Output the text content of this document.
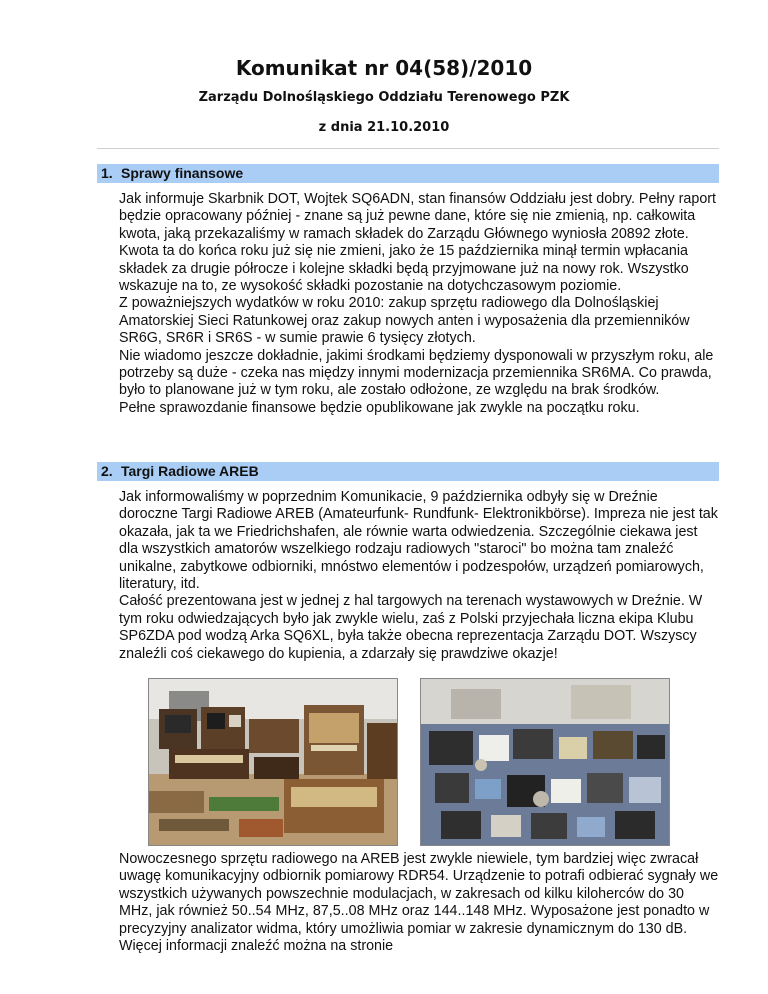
Komunikat nr 04(58)/2010
Zarządu Dolnośląskiego Oddziału Terenowego PZK
z dnia 21.10.2010
1. Sprawy finansowe

Jak informuje Skarbnik DOT, Wojtek SQ6ADN, stan finansów Oddziału jest dobry. Pełny raport będzie opracowany później - znane są już pewne dane, które się nie zmienią, np. całkowita kwota, jaką przekazaliśmy w ramach składek do Zarządu Głównego wyniosła 20892 złote. Kwota ta do końca roku już się nie zmieni, jako że 15 października minął termin wpłacania składek za drugie półrocze i kolejne składki będą przyjmowane już na nowy rok. Wszystko wskazuje na to, ze wysokość składki pozostanie na dotychczasowym poziomie.

Z poważniejszych wydatków w roku 2010: zakup sprzętu radiowego dla Dolnośląskiej Amatorskiej Sieci Ratunkowej oraz zakup nowych anten i wyposażenia dla przemienników SR6G, SR6R i SR6S - w sumie prawie 6 tysięcy złotych.

Nie wiadomo jeszcze dokładnie, jakimi środkami będziemy dysponowali w przyszłym roku, ale potrzeby są duże - czeka nas między innymi modernizacja przemiennika SR6MA. Co prawda, było to planowane już w tym roku, ale zostało odłożone, ze względu na brak środków.

Pełne sprawozdanie finansowe będzie opublikowane jak zwykle na początku roku.

2. Targi Radiowe AREB

Jak informowaliśmy w poprzednim Komunikacie, 9 października odbyły się w Dreźnie doroczne Targi Radiowe AREB (Amateurfunk- Rundfunk- Elektronikbörse). Impreza nie jest tak okazała, jak ta we Friedrichshafen, ale równie warta odwiedzenia. Szczególnie ciekawa jest dla wszystkich amatorów wszelkiego rodzaju radiowych "staroci" bo można tam znaleźć unikalne, zabytkowe odbiorniki, mnóstwo elementów i podzespołów, urządzeń pomiarowych, literatury, itd.

Całość prezentowana jest w jednej z hal targowych na terenach wystawowych w Dreźnie. W tym roku odwiedzających było jak zwykle wielu, zaś z Polski przyjechała liczna ekipa Klubu SP6ZDA pod wodzą Arka SQ6XL, była także obecna reprezentacja Zarządu DOT. Wszyscy znaleźli coś ciekawego do kupienia, a zdarzały się prawdziwe okazje!

Nowoczesnego sprzętu radiowego na AREB jest zwykle niewiele, tym bardziej więc zwracał uwagę komunikacyjny odbiornik pomiarowy RDR54. Urządzenie to potrafi odbierać sygnały we wszystkich używanych powszechnie modulacjach, w zakresach od kilku kiloherców do 30 MHz, jak również 50..54 MHz, 87,5..08 MHz oraz 144..148 MHz. Wyposażone jest ponadto w precyzyjny analizator widma, który umożliwia pomiar w zakresie dynamicznym do 130 dB. Więcej informacji znaleźć można na stronie
